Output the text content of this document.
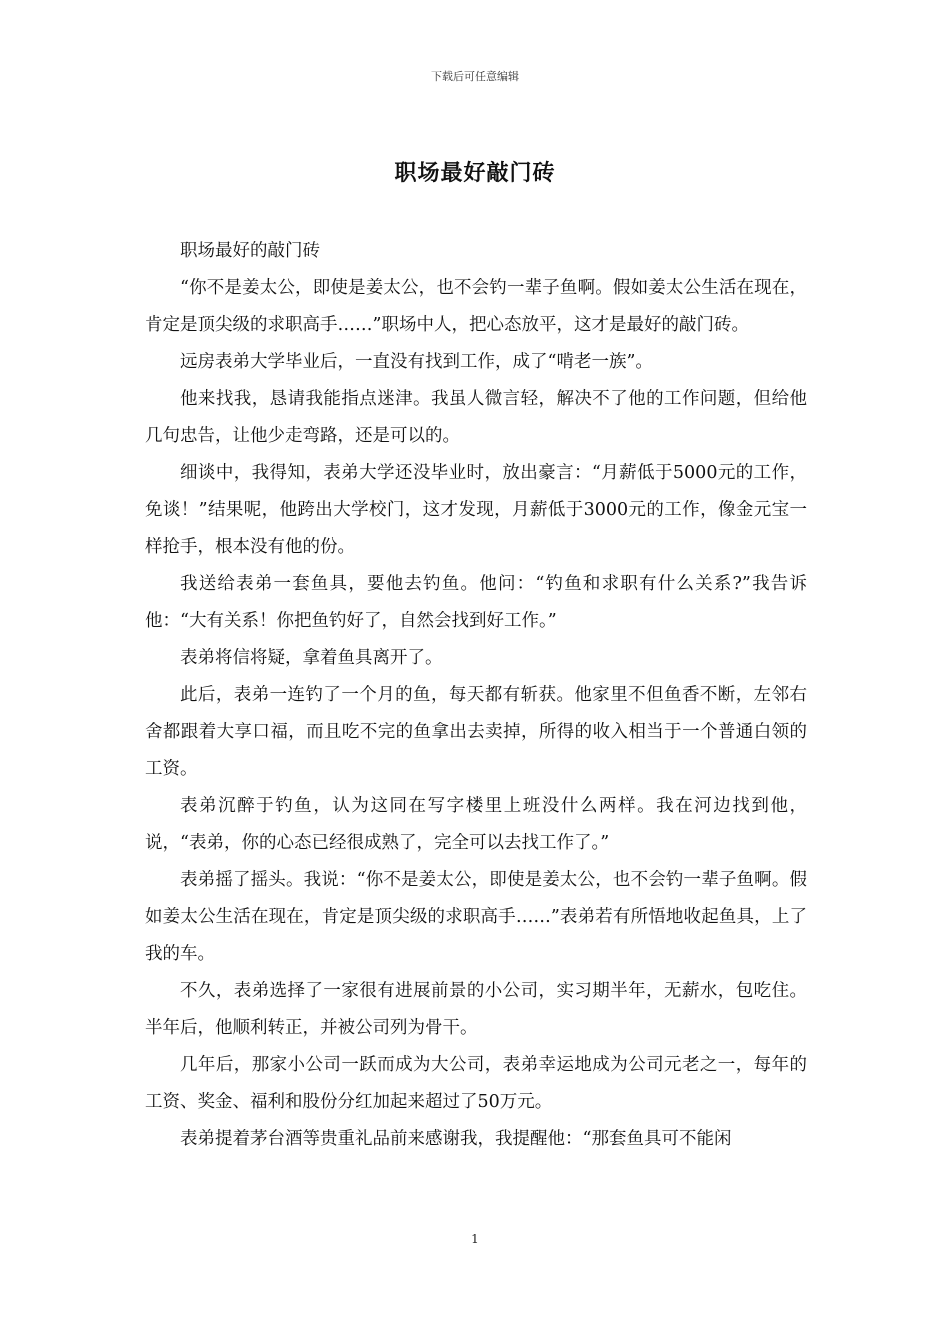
下载后可任意编辑
职场最好敲门砖

职场最好的敲门砖

“你不是姜太公，即使是姜太公，也不会钓一辈子鱼啊。假如姜太公生活在现在，肯定是顶尖级的求职高手……”职场中人，把心态放平，这才是最好的敲门砖。

远房表弟大学毕业后，一直没有找到工作，成了“啃老一族”。

他来找我，恳请我能指点迷津。我虽人微言轻，解决不了他的工作问题，但给他几句忠告，让他少走弯路，还是可以的。

细谈中，我得知，表弟大学还没毕业时，放出豪言：“月薪低于5000元的工作，免谈！”结果呢，他跨出大学校门，这才发现，月薪低于3000元的工作，像金元宝一样抢手，根本没有他的份。

我送给表弟一套鱼具，要他去钓鱼。他问：“钓鱼和求职有什么关系?”我告诉他：“大有关系！你把鱼钓好了，自然会找到好工作。”

表弟将信将疑，拿着鱼具离开了。

此后，表弟一连钓了一个月的鱼，每天都有斩获。他家里不但鱼香不断，左邻右舍都跟着大享口福，而且吃不完的鱼拿出去卖掉，所得的收入相当于一个普通白领的工资。

表弟沉醉于钓鱼，认为这同在写字楼里上班没什么两样。我在河边找到他，说，“表弟，你的心态已经很成熟了，完全可以去找工作了。”

表弟摇了摇头。我说：“你不是姜太公，即使是姜太公，也不会钓一辈子鱼啊。假如姜太公生活在现在，肯定是顶尖级的求职高手……”表弟若有所悟地收起鱼具，上了我的车。

不久，表弟选择了一家很有进展前景的小公司，实习期半年，无薪水，包吃住。半年后，他顺利转正，并被公司列为骨干。

几年后，那家小公司一跃而成为大公司，表弟幸运地成为公司元老之一，每年的工资、奖金、福利和股份分红加起来超过了50万元。

表弟提着茅台酒等贵重礼品前来感谢我，我提醒他：“那套鱼具可不能闲

1
